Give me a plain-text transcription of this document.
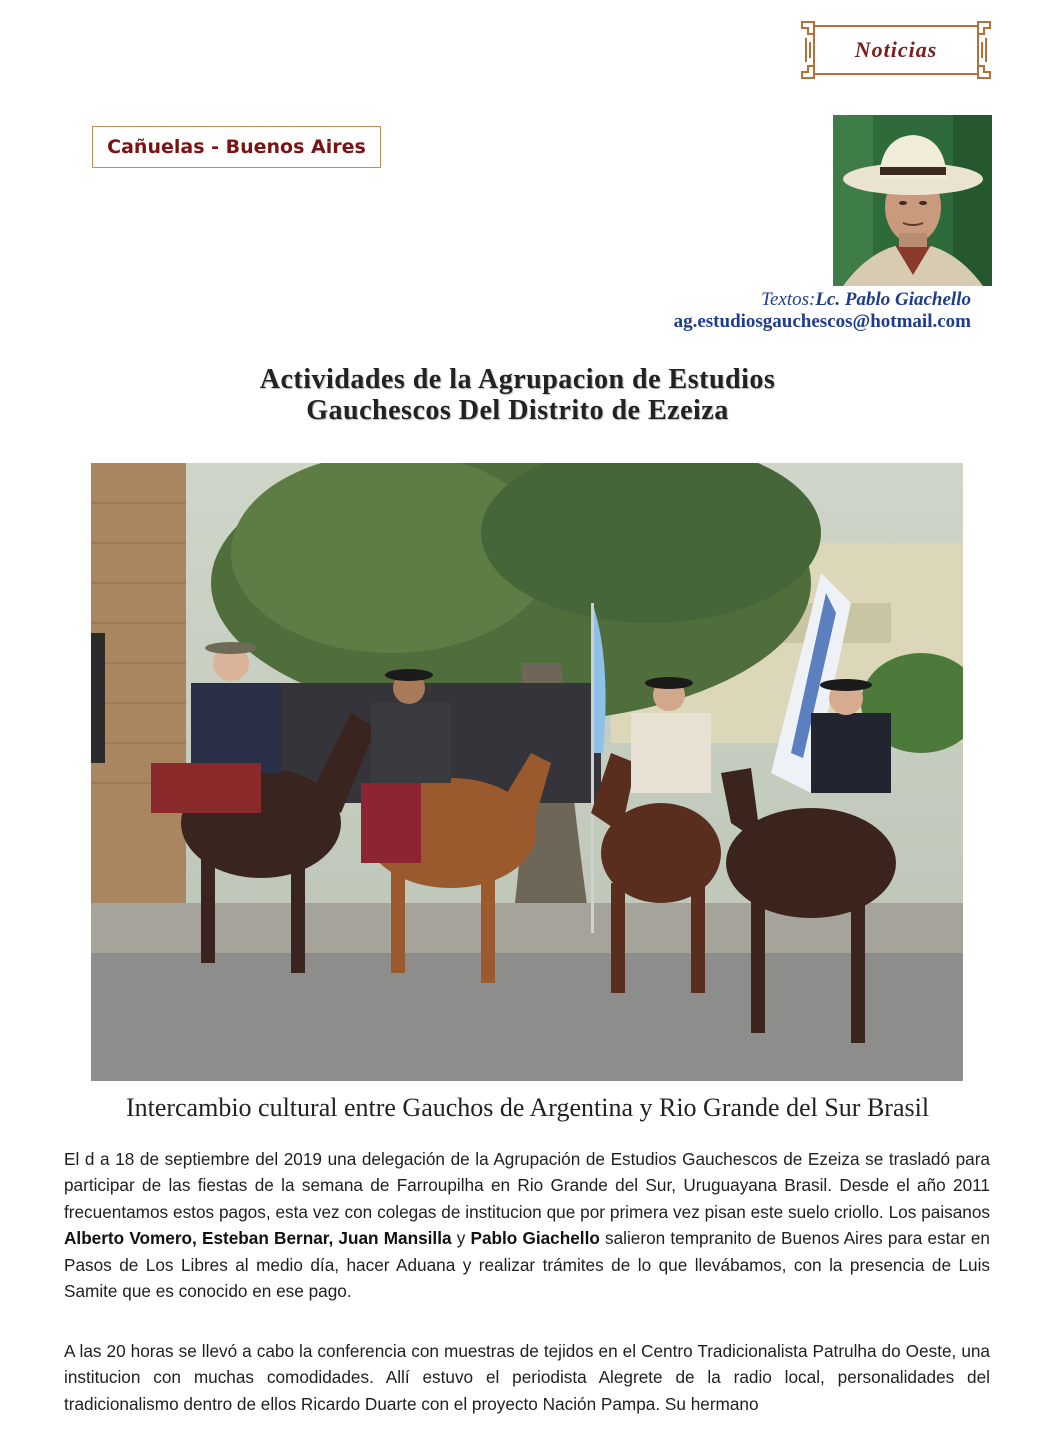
Noticias
Cañuelas - Buenos Aires
Textos:Lc. Pablo Giachello
ag.estudiosgauchescos@hotmail.com
Actividades de la Agrupacion de Estudios
Gauchescos Del Distrito de Ezeiza
Intercambio cultural entre Gauchos de Argentina y Rio Grande del Sur Brasil
El d a 18 de septiembre del 2019 una delegación de la Agrupación de Estudios Gauchescos de Ezeiza se trasladó para participar de las fiestas de la semana de Farroupilha en Rio Grande del Sur, Uruguayana Brasil. Desde el año 2011 frecuentamos estos pagos, esta vez con colegas de institucion que por primera vez pisan este suelo criollo. Los paisanos Alberto Vomero, Esteban Bernar, Juan Mansilla y Pablo Giachello salieron tempranito de Buenos Aires para estar en Pasos de Los Libres al medio día, hacer Aduana y realizar trámites de lo que llevábamos, con la presencia de Luis Samite que es conocido en ese pago.
A las 20 horas se llevó a cabo la conferencia con muestras de tejidos en el Centro Tradicionalista Patrulha do Oeste, una institucion con muchas comodidades. Allí estuvo el periodista Alegrete de la radio local, personalidades del tradicionalismo dentro de ellos Ricardo Duarte con el proyecto Nación Pampa. Su hermano
